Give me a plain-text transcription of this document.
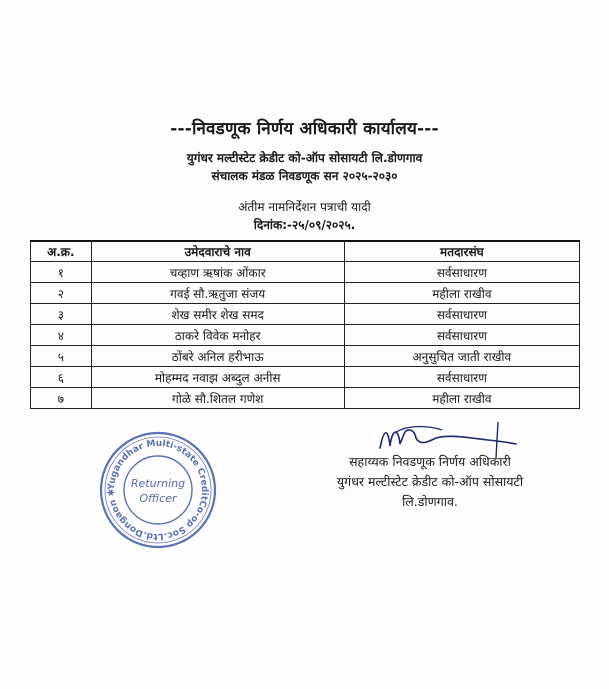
---निवडणूक निर्णय अधिकारी कार्यालय---
युगंधर मल्टीस्टेट क्रेडीट को-ऑप सोसायटी लि.डोणगाव
संचालक मंडळ निवडणूक सन २०२५-२०३०
अंतीम नामनिर्देशन पत्राची यादी
दिनांक:-२५/०९/२०२५.
अ.क्र.	उमेदवाराचे नाव	मतदारसंघ
१	चव्हाण ऋषांक ओंकार	सर्वसाधारण
२	गवई सौ.ऋतुजा संजय	महीला राखीव
३	शेख समीर शेख समद	सर्वसाधारण
४	ठाकरे विवेक मनोहर	सर्वसाधारण
५	ठोंबरे अनिल हरीभाऊ	अनुसुचित जाती राखीव
६	मोहम्मद नवाझ अब्दुल अनीस	सर्वसाधारण
७	गोळे सौ.शितल गणेश	महीला राखीव
सहाय्यक निवडणूक निर्णय अधिकारी
युगंधर मल्टीस्टेट क्रेडीट को-ऑप सोसायटी
लि.डोणगाव.
Yugandhar Multi-state CreditCo-op Soc.Ltd.Dongaon ✱
Returning
Officer
